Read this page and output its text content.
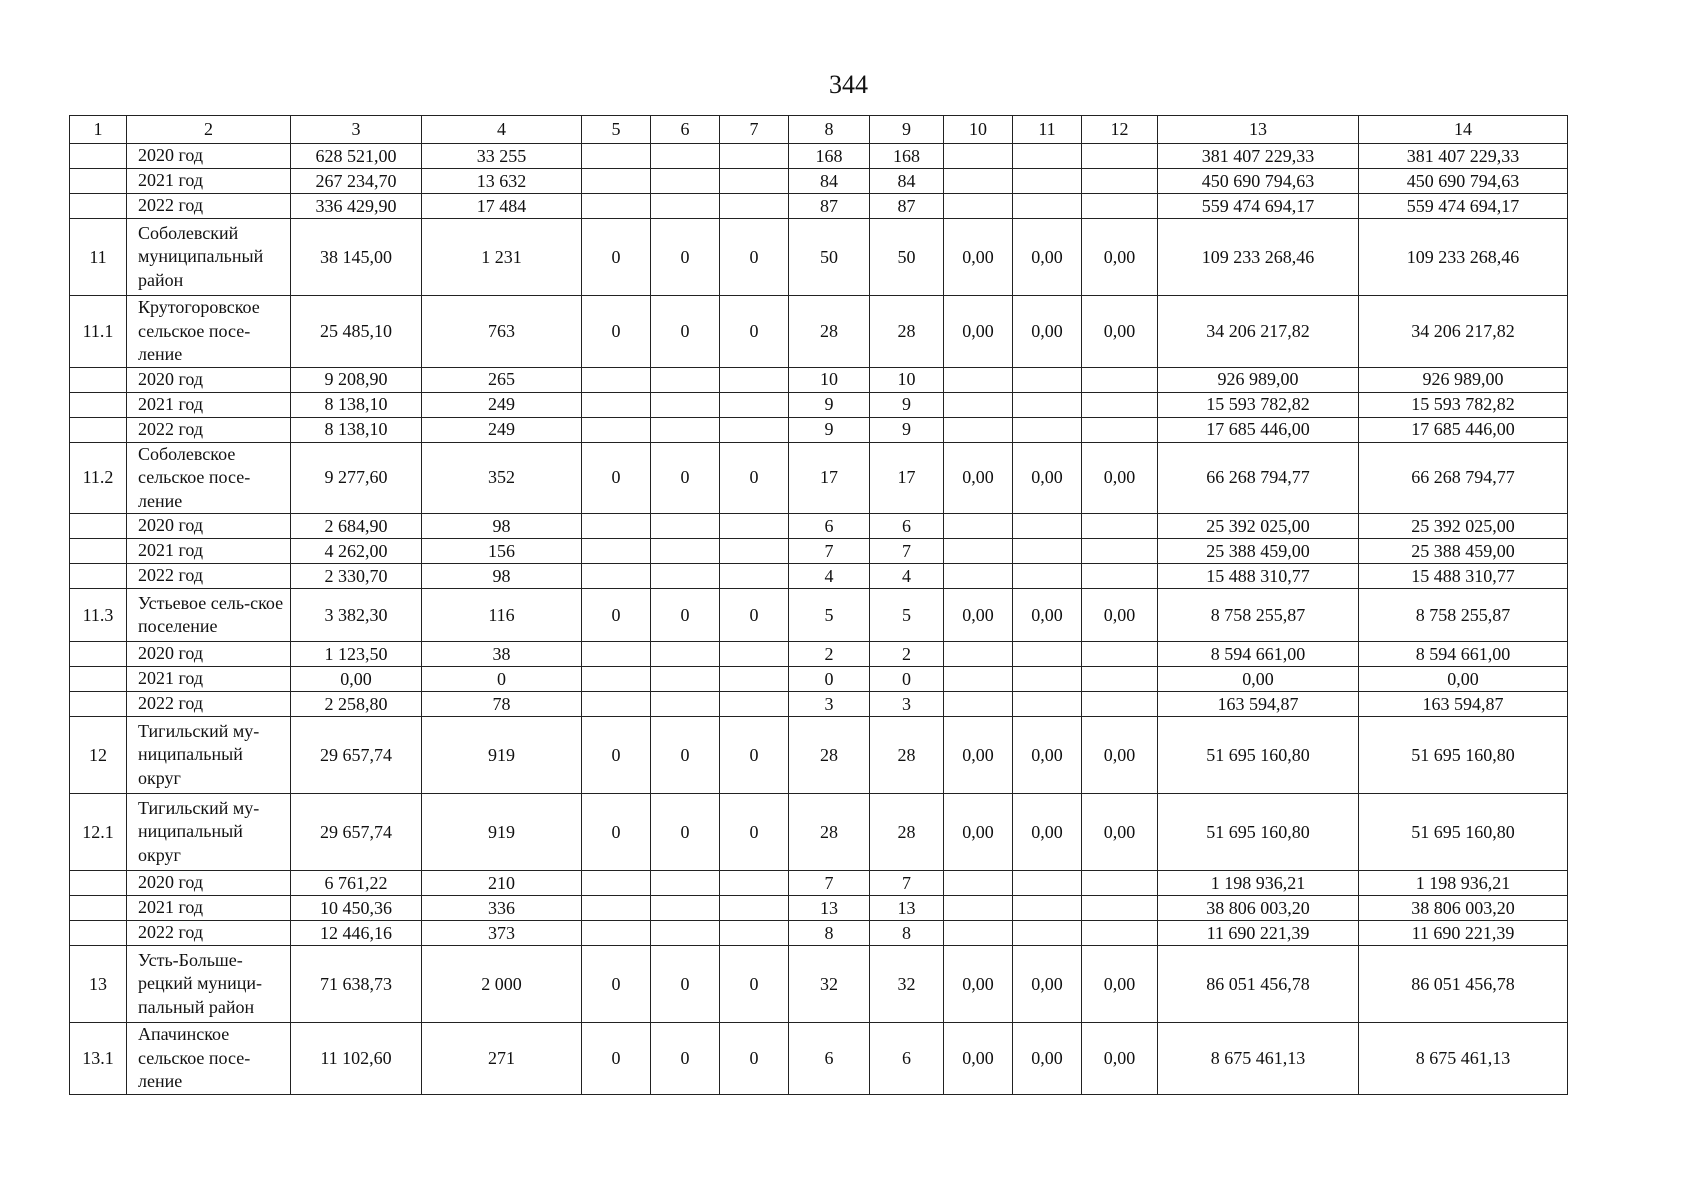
344
1	2	3	4	5	6	7	8	9	10	11	12	13	14
	2020 год	628 521,00	33 255				168	168				381 407 229,33	381 407 229,33
	2021 год	267 234,70	13 632				84	84				450 690 794,63	450 690 794,63
	2022 год	336 429,90	17 484				87	87				559 474 694,17	559 474 694,17
11	Соболевский муниципальный район	38 145,00	1 231	0	0	0	50	50	0,00	0,00	0,00	109 233 268,46	109 233 268,46
11.1	Крутогоровское сельское посе-ление	25 485,10	763	0	0	0	28	28	0,00	0,00	0,00	34 206 217,82	34 206 217,82
	2020 год	9 208,90	265				10	10				926 989,00	926 989,00
	2021 год	8 138,10	249				9	9				15 593 782,82	15 593 782,82
	2022 год	8 138,10	249				9	9				17 685 446,00	17 685 446,00
11.2	Соболевское сельское посе-ление	9 277,60	352	0	0	0	17	17	0,00	0,00	0,00	66 268 794,77	66 268 794,77
	2020 год	2 684,90	98				6	6				25 392 025,00	25 392 025,00
	2021 год	4 262,00	156				7	7				25 388 459,00	25 388 459,00
	2022 год	2 330,70	98				4	4				15 488 310,77	15 488 310,77
11.3	Устьевое сель-ское поселение	3 382,30	116	0	0	0	5	5	0,00	0,00	0,00	8 758 255,87	8 758 255,87
	2020 год	1 123,50	38				2	2				8 594 661,00	8 594 661,00
	2021 год	0,00	0				0	0				0,00	0,00
	2022 год	2 258,80	78				3	3				163 594,87	163 594,87
12	Тигильский му-ниципальный округ	29 657,74	919	0	0	0	28	28	0,00	0,00	0,00	51 695 160,80	51 695 160,80
12.1	Тигильский му-ниципальный округ	29 657,74	919	0	0	0	28	28	0,00	0,00	0,00	51 695 160,80	51 695 160,80
	2020 год	6 761,22	210				7	7				1 198 936,21	1 198 936,21
	2021 год	10 450,36	336				13	13				38 806 003,20	38 806 003,20
	2022 год	12 446,16	373				8	8				11 690 221,39	11 690 221,39
13	Усть-Больше-рецкий муници-пальный район	71 638,73	2 000	0	0	0	32	32	0,00	0,00	0,00	86 051 456,78	86 051 456,78
13.1	Апачинское сельское посе-ление	11 102,60	271	0	0	0	6	6	0,00	0,00	0,00	8 675 461,13	8 675 461,13
